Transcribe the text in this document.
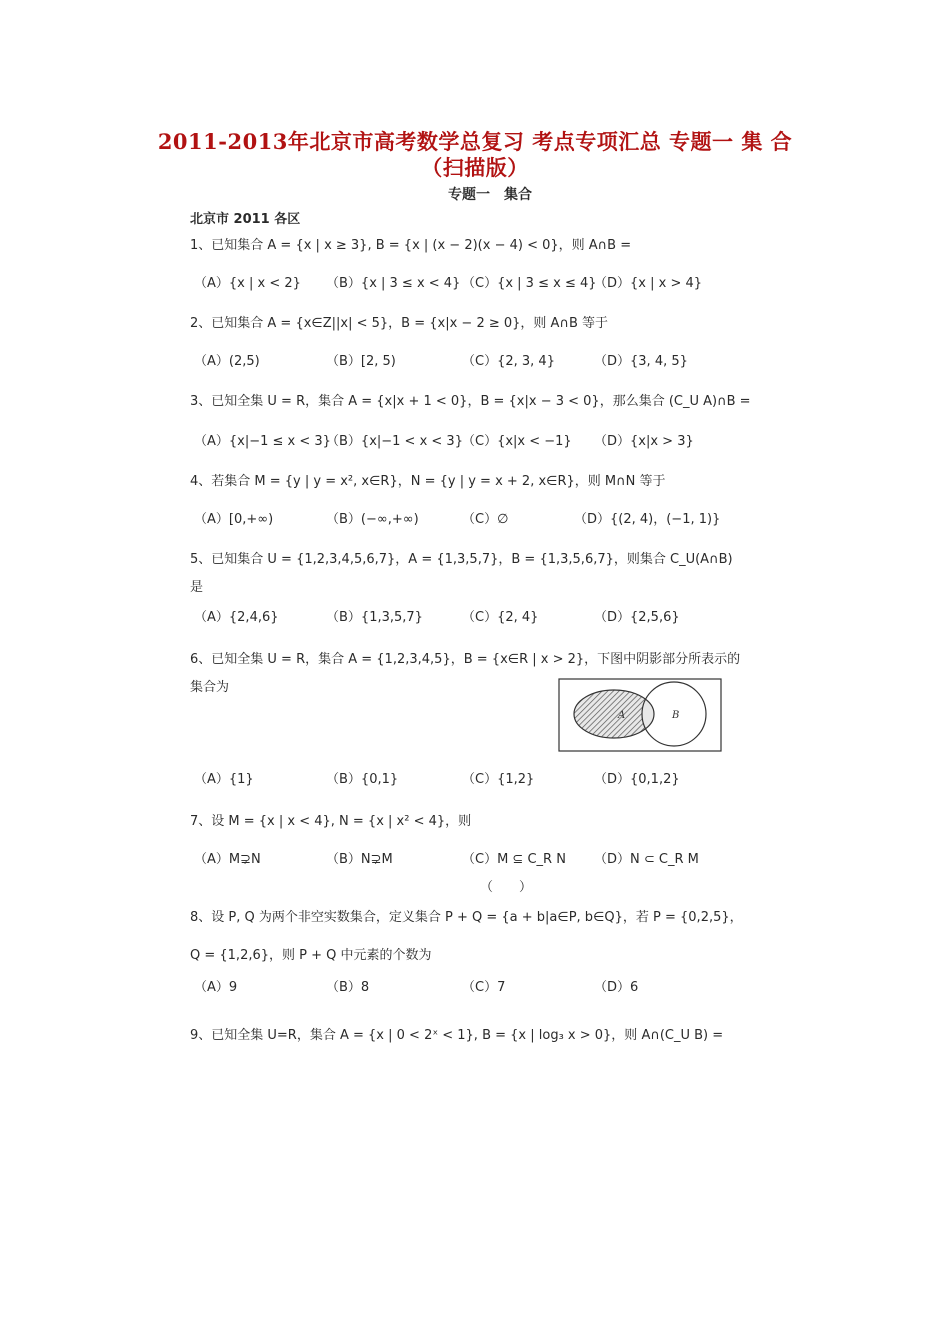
2011-2013年北京市高考数学总复习 考点专项汇总 专题一 集 合
（扫描版）
专题一　集合
北京市 2011 各区
1、已知集合 A = {x | x ≥ 3}, B = {x | (x − 2)(x − 4) < 0}，则 A∩B =
（A）{x | x < 2} （B）{x | 3 ≤ x < 4} （C）{x | 3 ≤ x ≤ 4}
（D）{x | x > 4}
2、已知集合 A = {x∈Z||x| < 5}，B = {x|x − 2 ≥ 0}，则 A∩B 等于
（A）(2,5)	（B）[2, 5)	（C）{2, 3, 4}	（D）{3, 4, 5}
3、已知全集 U = R，集合 A = {x|x + 1 < 0}，B = {x|x − 3 < 0}，那么集合 (C_U A)∩B =
（A）{x|−1 ≤ x < 3}
（B）{x|−1 < x < 3} （C）{x|x < −1} （D）{x|x > 3}
4、若集合 M = {y | y = x², x∈R}，N = {y | y = x + 2, x∈R}，则 M∩N 等于
（A）[0,+∞)	（B）(−∞,+∞)	（C）∅	（D）{(2, 4)，(−1, 1)}
5、已知集合 U = {1,2,3,4,5,6,7}，A = {1,3,5,7}，B = {1,3,5,6,7}，则集合 C_U(A∩B)
是
（A）{2,4,6}	（B）{1,3,5,7}	（C）{2, 4}	（D）{2,5,6}
6、已知全集 U = R，集合 A = {1,2,3,4,5}，B = {x∈R | x > 2}，下图中阴影部分所表示的
集合为
A	B
（A）{1}	（B）{0,1}	（C）{1,2}	（D）{0,1,2}
7、设 M = {x | x < 4}, N = {x | x² < 4}，则
（A）M⊋N	（B）N⊋M	（C）M ⊆ C_R N （D）N ⊂ C_R M
（　　）
8、设 P, Q 为两个非空实数集合，定义集合 P + Q = {a + b|a∈P, b∈Q}，若 P = {0,2,5}，
Q = {1,2,6}，则 P + Q 中元素的个数为
（A）9	（B）8	（C）7	（D）6
9、已知全集 U=R，集合 A = {x | 0 < 2ˣ < 1}, B = {x | log₃ x > 0}，则 A∩(C_U B) =
